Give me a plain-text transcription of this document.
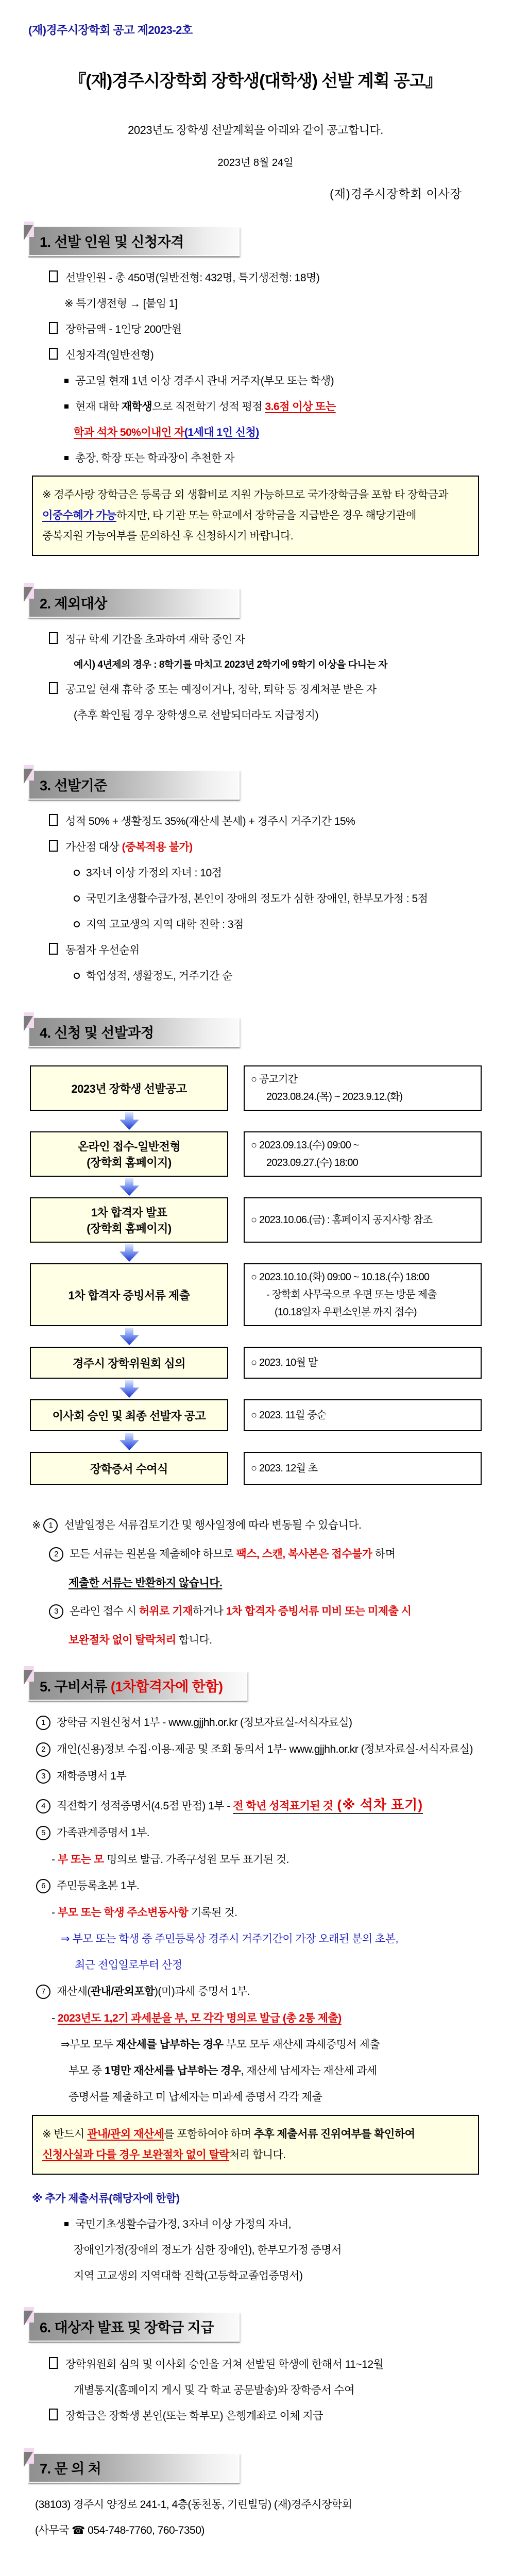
(재)경주시장학회 공고 제2023-2호
『(재)경주시장학회 장학생(대학생) 선발 계획 공고』
2023년도 장학생 선발계획을 아래와 같이 공고합니다.
2023년 8월 24일
(재)경주시장학회 이사장
1. 선발 인원 및 신청자격
선발인원 - 총 450명(일반전형: 432명, 특기생전형: 18명)
※ 특기생전형 → [붙임 1]
장학금액 - 1인당 200만원
신청자격(일반전형)
공고일 현재 1년 이상 경주시 관내 거주자(부모 또는 학생)
현재 대학 재학생으로 직전학기 성적 평점 3.6점 이상 또는
학과 석차 50%이내인 자(1세대 1인 신청)
총장, 학장 또는 학과장이 추천한 자
※ 경주사랑 장학금은 등록금 외 생활비로 지원 가능하므로 국가장학금을 포함 타 장학금과
이중수혜가 가능하지만, 타 기관 또는 학교에서 장학금을 지급받은 경우 해당기관에
중복지원 가능여부를 문의하신 후 신청하시기 바랍니다.
2. 제외대상
정규 학제 기간을 초과하여 재학 중인 자
예시) 4년제의 경우 : 8학기를 마치고 2023년 2학기에 9학기 이상을 다니는 자
공고일 현재 휴학 중 또는 예정이거나, 정학, 퇴학 등 징계처분 받은 자
(추후 확인될 경우 장학생으로 선발되더라도 지급정지)
3. 선발기준
성적 50% + 생활정도 35%(재산세 본세) + 경주시 거주기간 15%
가산점 대상 (중복적용 불가)
3자녀 이상 가정의 자녀 : 10점
국민기초생활수급가정, 본인이 장애의 정도가 심한 장애인, 한부모가정 : 5점
지역 고교생의 지역 대학 진학 : 3점
동점자 우선순위
학업성적, 생활정도, 거주기간 순
4. 신청 및 선발과정
2023년 장학생 선발공고
○ 공고기간
2023.08.24.(목) ~ 2023.9.12.(화)
온라인 접수-일반전형
(장학회 홈페이지)
○ 2023.09.13.(수) 09:00 ~
2023.09.27.(수) 18:00
1차 합격자 발표
(장학회 홈페이지)
○ 2023.10.06.(금) : 홈페이지 공지사항 참조
1차 합격자 증빙서류 제출
○ 2023.10.10.(화) 09:00 ~ 10.18.(수) 18:00
- 장학회 사무국으로 우편 또는 방문 제출
(10.18일자 우편소인분 까지 접수)
경주시 장학위원회 심의	○ 2023. 10월 말
이사회 승인 및 최종 선발자 공고	○ 2023. 11월 중순
장학증서 수여식	○ 2023. 12월 초
※ 1 선발일정은 서류검토기간 및 행사일정에 따라 변동될 수 있습니다.
2 모든 서류는 원본을 제출해야 하므로 팩스, 스캔, 복사본은 접수불가 하며
제출한 서류는 반환하지 않습니다.
3 온라인 접수 시 허위로 기재하거나 1차 합격자 증빙서류 미비 또는 미제출 시
보완절차 없이 탈락처리 합니다.
5. 구비서류 (1차합격자에 한함)
1 장학금 지원신청서 1부 - www.gjjhh.or.kr (정보자료실-서식자료실)
2 개인(신용)정보 수집·이용·제공 및 조회 동의서 1부- www.gjjhh.or.kr (정보자료실-서식자료실)
3 재학증명서 1부
4 직전학기 성적증명서(4.5점 만점) 1부 - 전 학년 성적표기된 것 (※ 석차 표기)
5 가족관계증명서 1부.
- 부 또는 모 명의로 발급. 가족구성원 모두 표기된 것.
6 주민등록초본 1부.
- 부모 또는 학생 주소변동사항 기록된 것.
⇒ 부모 또는 학생 중 주민등록상 경주시 거주기간이 가장 오래된 분의 초본,
최근 전입일로부터 산정
7 재산세(관내/관외포함)(미)과세 증명서 1부.
- 2023년도 1,2기 과세분을 부, 모 각각 명의로 발급 (총 2통 제출)
⇒부모 모두 재산세를 납부하는 경우 부모 모두 재산세 과세증명서 제출
부모 중 1명만 재산세를 납부하는 경우, 재산세 납세자는 재산세 과세
증명서를 제출하고 미 납세자는 미과세 증명서 각각 제출
※ 반드시 관내/관외 재산세를 포함하여야 하며 추후 제출서류 진위여부를 확인하여
신청사실과 다를 경우 보완절차 없이 탈락처리 합니다.
※ 추가 제출서류(해당자에 한함)
국민기초생활수급가정, 3자녀 이상 가정의 자녀,
장애인가정(장애의 정도가 심한 장애인), 한부모가정 증명서
지역 고교생의 지역대학 진학(고등학교졸업증명서)
6. 대상자 발표 및 장학금 지급
장학위원회 심의 및 이사회 승인을 거쳐 선발된 학생에 한해서 11~12월
개별통지(홈페이지 게시 및 각 학교 공문발송)와 장학증서 수여
장학금은 장학생 본인(또는 학부모) 은행계좌로 이체 지급
7. 문 의 처
(38103) 경주시 양정로 241-1, 4층(동천동, 기린빌딩) (재)경주시장학회
(사무국 ☎ 054-748-7760, 760-7350)
